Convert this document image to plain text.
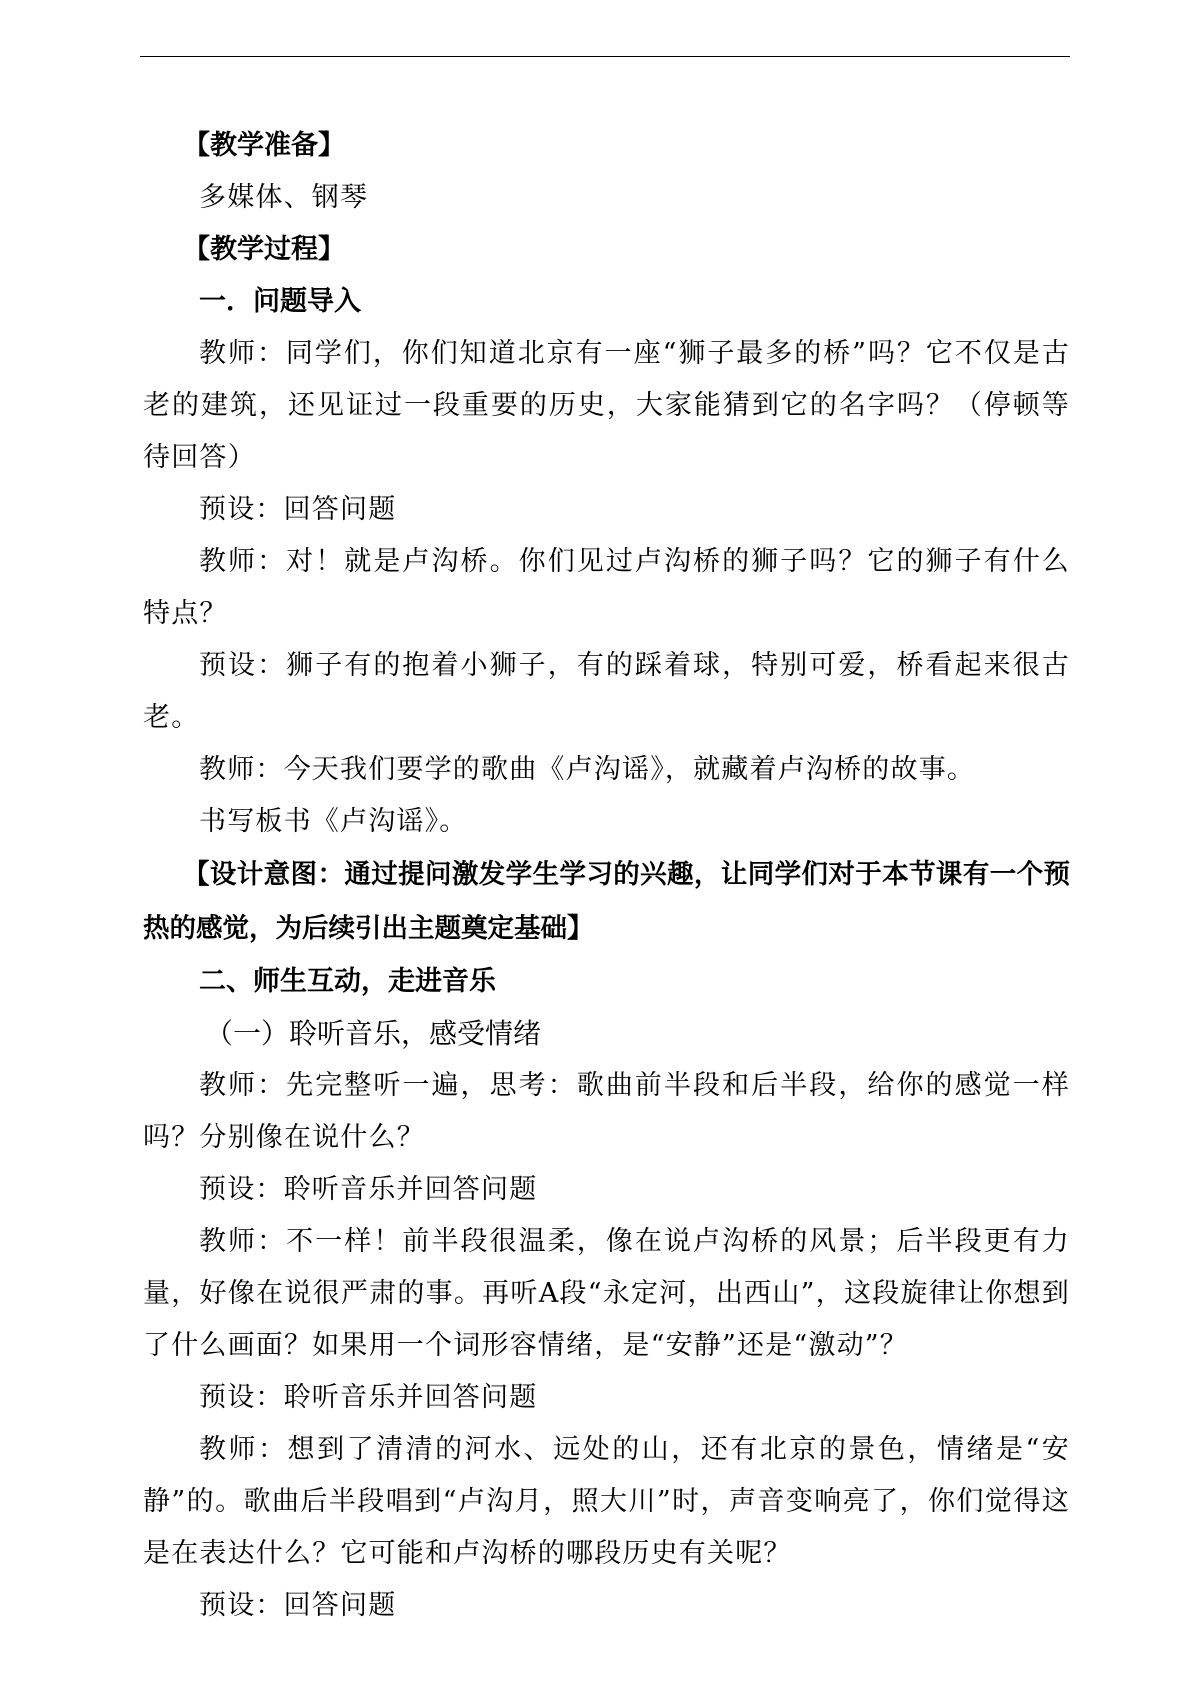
【教学准备】

多媒体、钢琴

【教学过程】

一．问题导入

教师：同学们，你们知道北京有一座“狮子最多的桥”吗？它不仅是古老的建筑，还见证过一段重要的历史，大家能猜到它的名字吗？（停顿等待回答）

预设：回答问题

教师：对！就是卢沟桥。你们见过卢沟桥的狮子吗？它的狮子有什么特点？

预设：狮子有的抱着小狮子，有的踩着球，特别可爱，桥看起来很古老。

教师：今天我们要学的歌曲《卢沟谣》，就藏着卢沟桥的故事。

书写板书《卢沟谣》。

【设计意图：通过提问激发学生学习的兴趣，让同学们对于本节课有一个预热的感觉，为后续引出主题奠定基础】

二、师生互动，走进音乐

（一）聆听音乐，感受情绪

教师：先完整听一遍，思考：歌曲前半段和后半段，给你的感觉一样吗？分别像在说什么？

预设：聆听音乐并回答问题

教师：不一样！前半段很温柔，像在说卢沟桥的风景；后半段更有力量，好像在说很严肃的事。再听A段“永定河，出西山”，这段旋律让你想到了什么画面？如果用一个词形容情绪，是“安静”还是“激动”？

预设：聆听音乐并回答问题

教师：想到了清清的河水、远处的山，还有北京的景色，情绪是“安静”的。歌曲后半段唱到“卢沟月，照大川”时，声音变响亮了，你们觉得这是在表达什么？它可能和卢沟桥的哪段历史有关呢？

预设：回答问题
